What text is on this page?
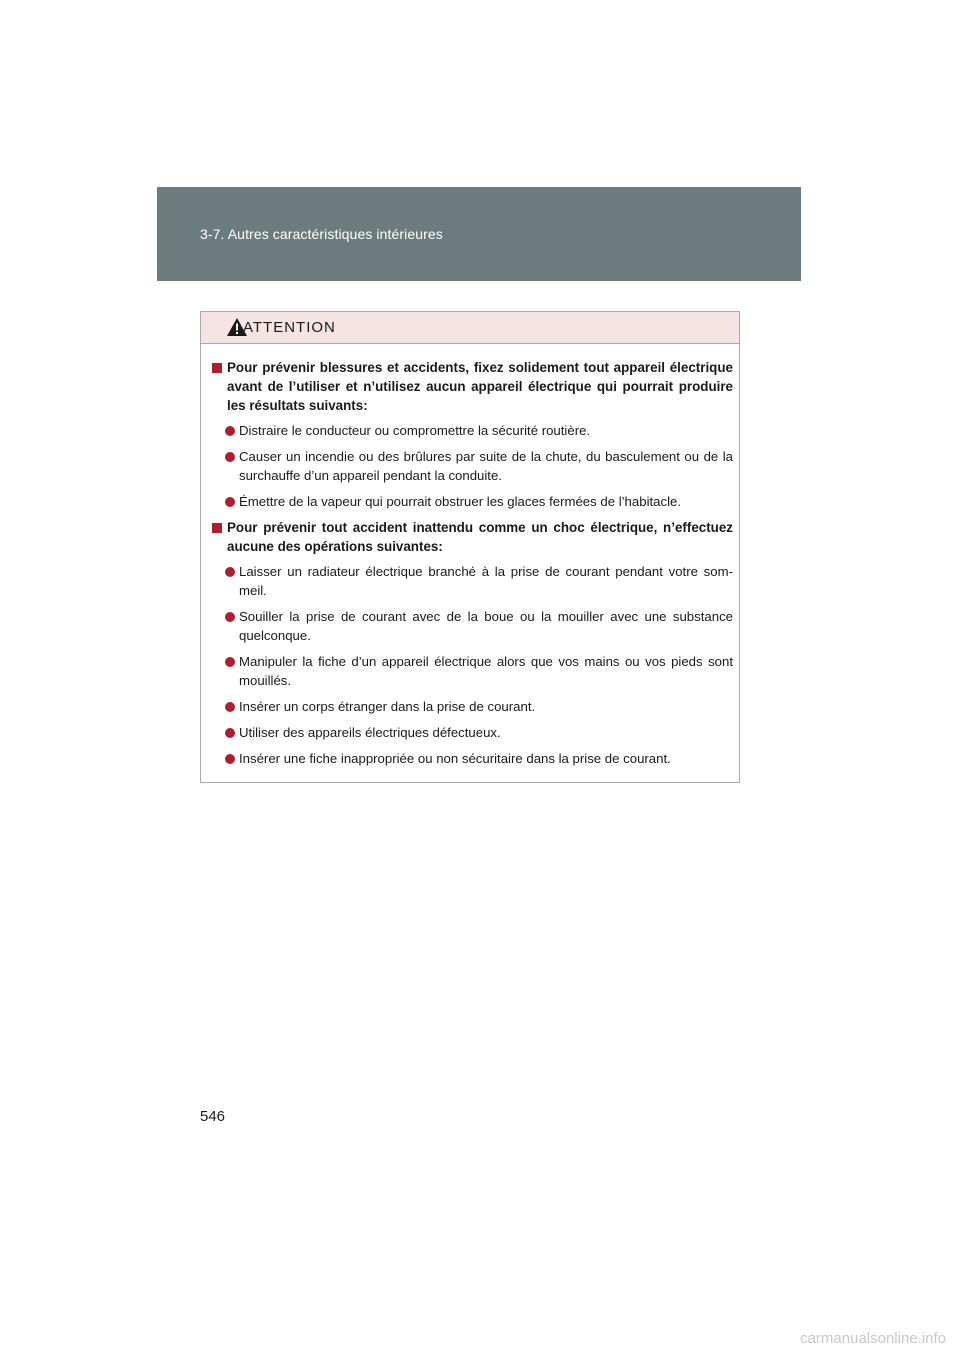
3-7. Autres caractéristiques intérieures
ATTENTION
Pour prévenir blessures et accidents, fixez solidement tout appareil électrique avant de l’utiliser et n’utilisez aucun appareil électrique qui pourrait produire les résultats suivants:
Distraire le conducteur ou compromettre la sécurité routière.
Causer un incendie ou des brûlures par suite de la chute, du basculement ou de la surchauffe d’un appareil pendant la conduite.
Émettre de la vapeur qui pourrait obstruer les glaces fermées de l’habitacle.
Pour prévenir tout accident inattendu comme un choc électrique, n’effectuez aucune des opérations suivantes:
Laisser un radiateur électrique branché à la prise de courant pendant votre som-meil.
Souiller la prise de courant avec de la boue ou la mouiller avec une substance quelconque.
Manipuler la fiche d’un appareil électrique alors que vos mains ou vos pieds sont mouillés.
Insérer un corps étranger dans la prise de courant.
Utiliser des appareils électriques défectueux.
Insérer une fiche inappropriée ou non sécuritaire dans la prise de courant.
546
carmanualsonline.info
